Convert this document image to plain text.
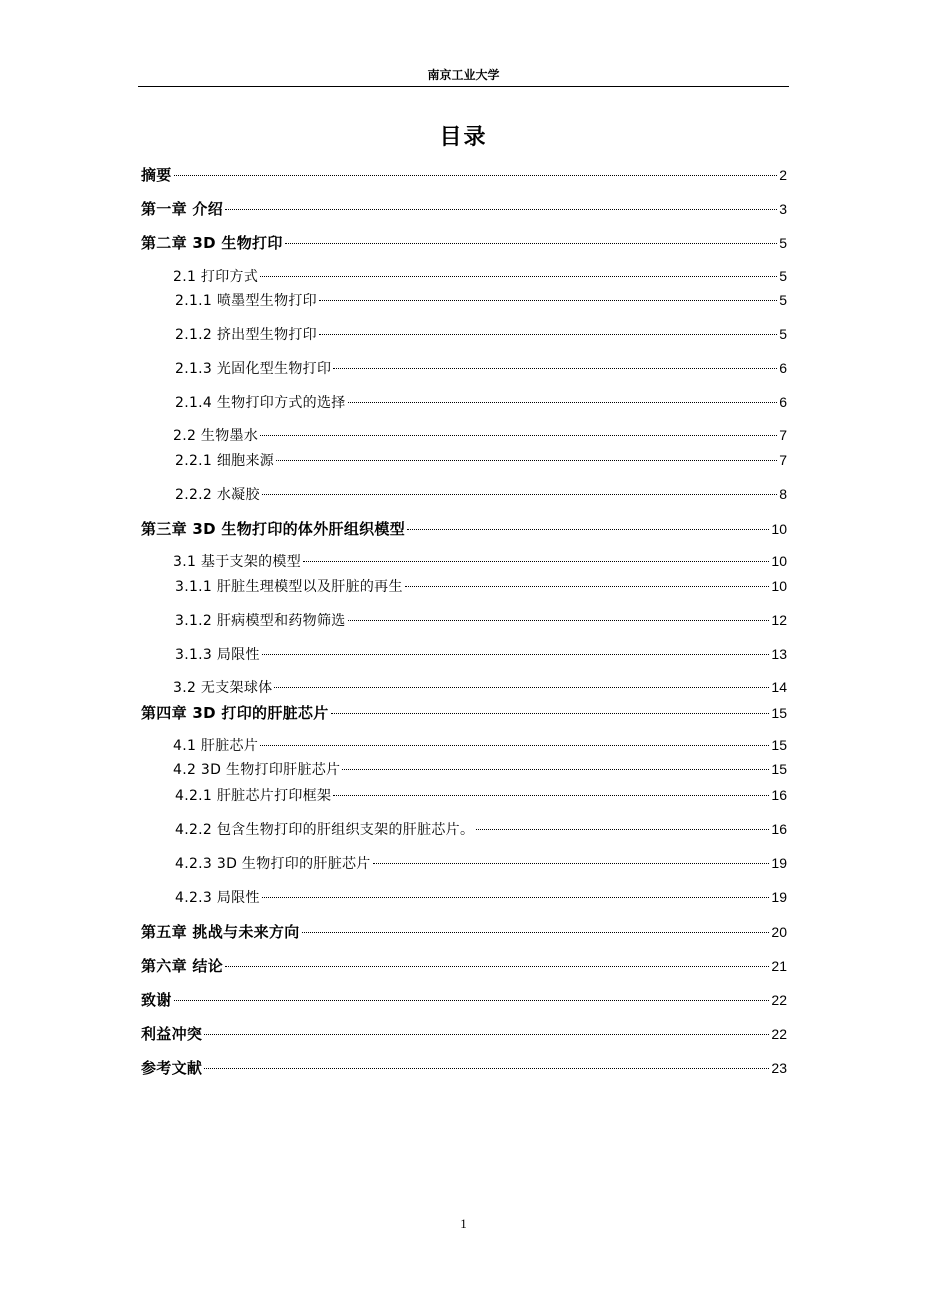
南京工业大学
目录
摘要	2
第一章 介绍	3
第二章 3D 生物打印	5
2.1 打印方式	5
2.1.1 喷墨型生物打印	5
2.1.2 挤出型生物打印	5
2.1.3 光固化型生物打印	6
2.1.4 生物打印方式的选择	6
2.2 生物墨水	7
2.2.1 细胞来源	7
2.2.2 水凝胶	8
第三章 3D 生物打印的体外肝组织模型	10
3.1 基于支架的模型	10
3.1.1 肝脏生理模型以及肝脏的再生	10
3.1.2 肝病模型和药物筛选	12
3.1.3 局限性	13
3.2 无支架球体	14
第四章 3D 打印的肝脏芯片	15
4.1 肝脏芯片	15
4.2 3D 生物打印肝脏芯片	15
4.2.1 肝脏芯片打印框架	16
4.2.2 包含生物打印的肝组织支架的肝脏芯片。	16
4.2.3 3D 生物打印的肝脏芯片	19
4.2.3 局限性	19
第五章 挑战与未来方向	20
第六章 结论	21
致谢	22
利益冲突	22
参考文献	23
1
